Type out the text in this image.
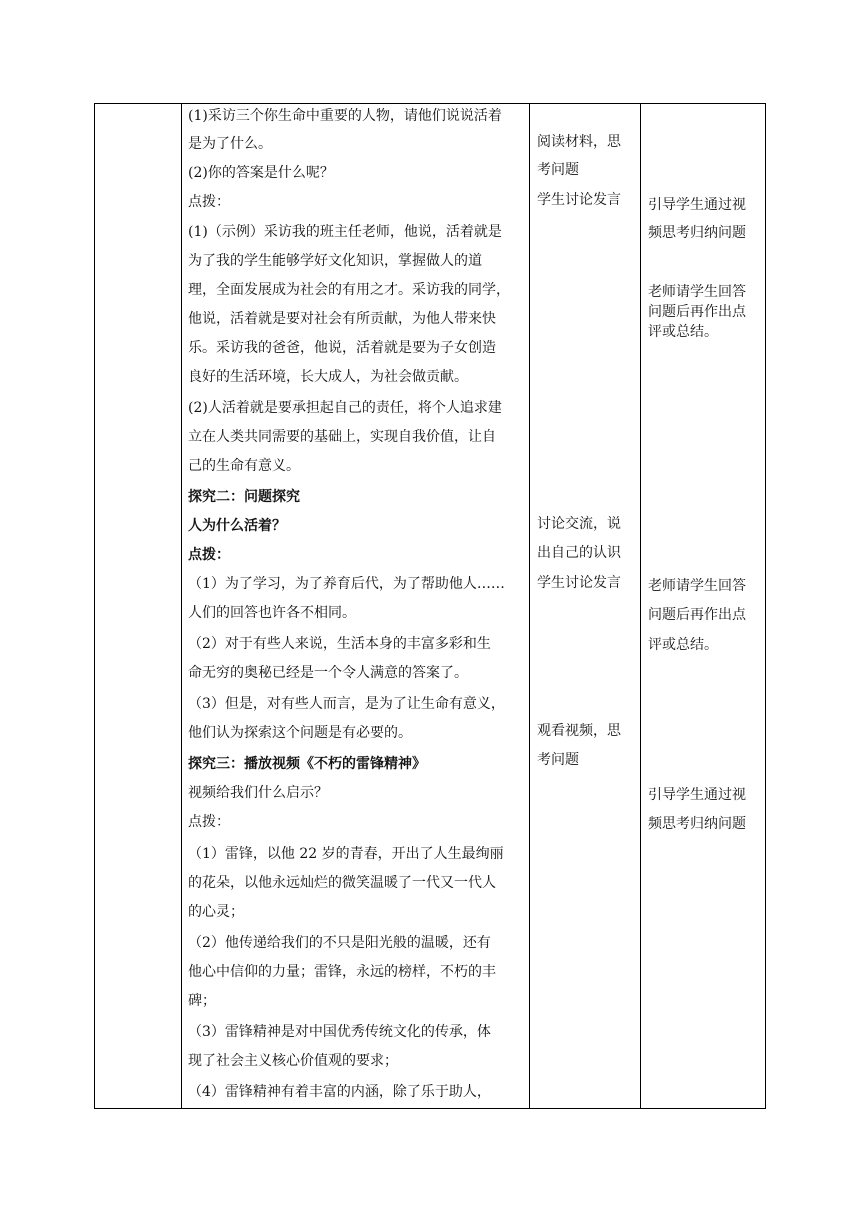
(1)采访三个你生命中重要的人物，请他们说说活着
是为了什么。
(2)你的答案是什么呢？
点拨：
(1)（示例）采访我的班主任老师，他说，活着就是
为了我的学生能够学好文化知识，掌握做人的道
理，全面发展成为社会的有用之才。采访我的同学，
他说，活着就是要对社会有所贡献，为他人带来快
乐。采访我的爸爸，他说，活着就是要为子女创造
良好的生活环境，长大成人，为社会做贡献。
(2)人活着就是要承担起自己的责任，将个人追求建
立在人类共同需要的基础上，实现自我价值，让自
己的生命有意义。
探究二：问题探究
人为什么活着？
点拨：
（1）为了学习，为了养育后代，为了帮助他人……
人们的回答也许各不相同。
（2）对于有些人来说，生活本身的丰富多彩和生
命无穷的奥秘已经是一个令人满意的答案了。
（3）但是，对有些人而言，是为了让生命有意义，
他们认为探索这个问题是有必要的。
探究三：播放视频《不朽的雷锋精神》
视频给我们什么启示？
点拨：
（1）雷锋，以他 22 岁的青春，开出了人生最绚丽
的花朵，以他永远灿烂的微笑温暖了一代又一代人
的心灵；
（2）他传递给我们的不只是阳光般的温暖，还有
他心中信仰的力量；雷锋，永远的榜样，不朽的丰
碑；
（3）雷锋精神是对中国优秀传统文化的传承，体
现了社会主义核心价值观的要求；
（4）雷锋精神有着丰富的内涵，除了乐于助人，
阅读材料，思
考问题
学生讨论发言
讨论交流，说
出自己的认识
学生讨论发言
观看视频，思
考问题
引导学生通过视
频思考归纳问题
老师请学生回答
问题后再作出点
评或总结。
老师请学生回答
问题后再作出点
评或总结。
引导学生通过视
频思考归纳问题
